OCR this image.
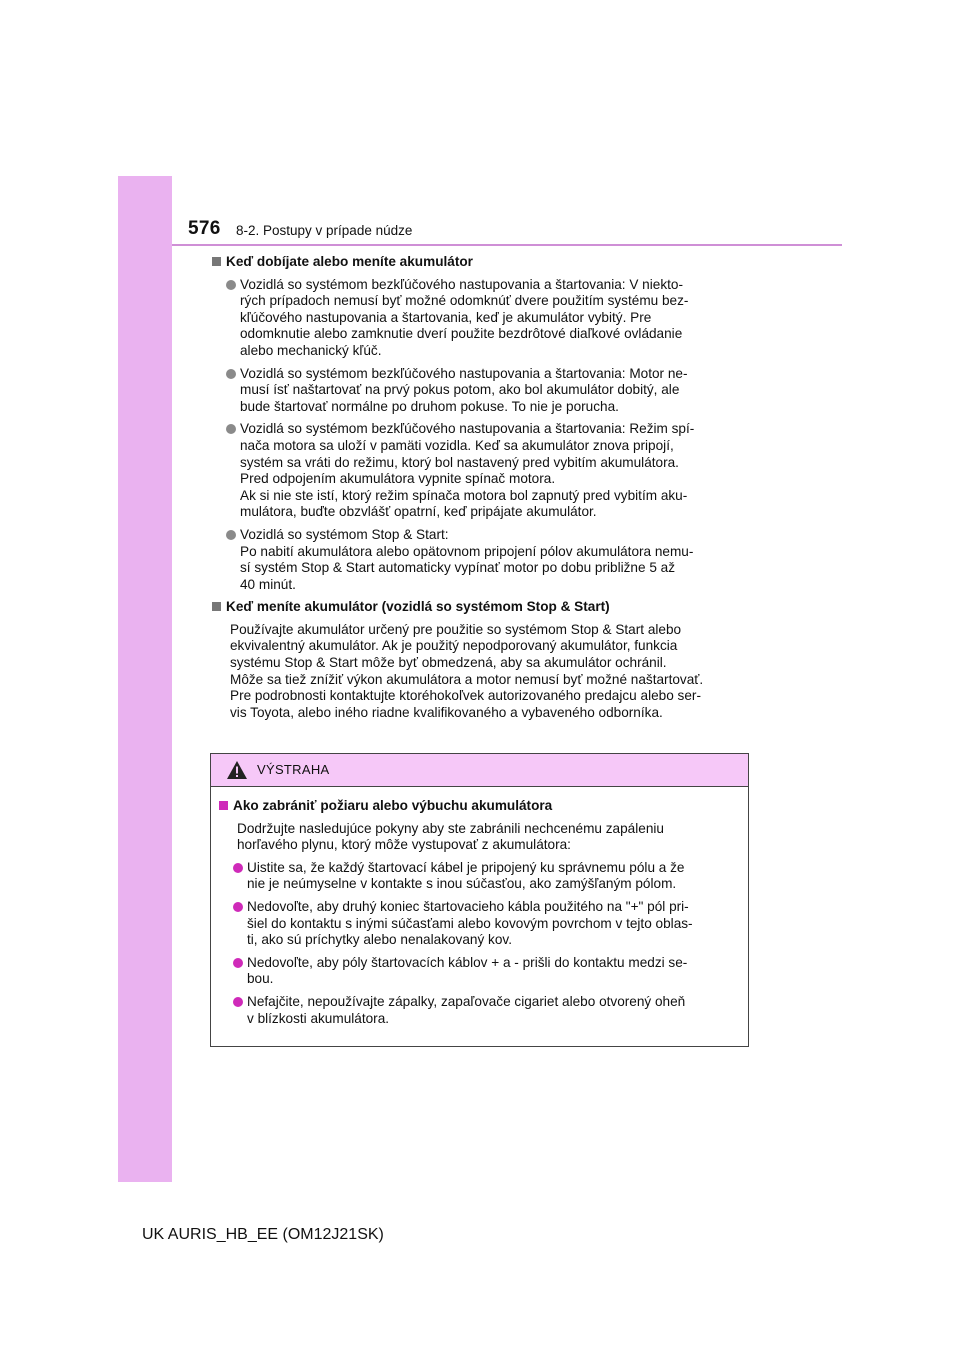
576 8-2. Postupy v prípade núdze
Keď dobíjate alebo meníte akumulátor
Vozidlá so systémom bezkľúčového nastupovania a štartovania: V niekto-
rých prípadoch nemusí byť možné odomknúť dvere použitím systému bez-
kľúčového nastupovania a štartovania, keď je akumulátor vybitý. Pre
odomknutie alebo zamknutie dverí použite bezdrôtové diaľkové ovládanie
alebo mechanický kľúč.
Vozidlá so systémom bezkľúčového nastupovania a štartovania: Motor ne-
musí ísť naštartovať na prvý pokus potom, ako bol akumulátor dobitý, ale
bude štartovať normálne po druhom pokuse. To nie je porucha.
Vozidlá so systémom bezkľúčového nastupovania a štartovania: Režim spí-
nača motora sa uloží v pamäti vozidla. Keď sa akumulátor znova pripojí,
systém sa vráti do režimu, ktorý bol nastavený pred vybitím akumulátora.
Pred odpojením akumulátora vypnite spínač motora.
Ak si nie ste istí, ktorý režim spínača motora bol zapnutý pred vybitím aku-
mulátora, buďte obzvlášť opatrní, keď pripájate akumulátor.
Vozidlá so systémom Stop & Start:
Po nabití akumulátora alebo opätovnom pripojení pólov akumulátora nemu-
sí systém Stop & Start automaticky vypínať motor po dobu približne 5 až
40 minút.
Keď meníte akumulátor (vozidlá so systémom Stop & Start)
Používajte akumulátor určený pre použitie so systémom Stop & Start alebo
ekvivalentný akumulátor. Ak je použitý nepodporovaný akumulátor, funkcia
systému Stop & Start môže byť obmedzená, aby sa akumulátor ochránil.
Môže sa tiež znížiť výkon akumulátora a motor nemusí byť možné naštartovať.
Pre podrobnosti kontaktujte ktoréhokoľvek autorizovaného predajcu alebo ser-
vis Toyota, alebo iného riadne kvalifikovaného a vybaveného odborníka.
VÝSTRAHA
Ako zabrániť požiaru alebo výbuchu akumulátora
Dodržujte nasledujúce pokyny aby ste zabránili nechcenému zapáleniu
horľavého plynu, ktorý môže vystupovať z akumulátora:
Uistite sa, že každý štartovací kábel je pripojený ku správnemu pólu a že
nie je neúmyselne v kontakte s inou súčasťou, ako zamýšľaným pólom.
Nedovoľte, aby druhý koniec štartovacieho kábla použitého na "+" pól pri-
šiel do kontaktu s inými súčasťami alebo kovovým povrchom v tejto oblas-
ti, ako sú príchytky alebo nenalakovaný kov.
Nedovoľte, aby póly štartovacích káblov + a - prišli do kontaktu medzi se-
bou.
Nefajčite, nepoužívajte zápalky, zapaľovače cigariet alebo otvorený oheň
v blízkosti akumulátora.
UK AURIS_HB_EE (OM12J21SK)
